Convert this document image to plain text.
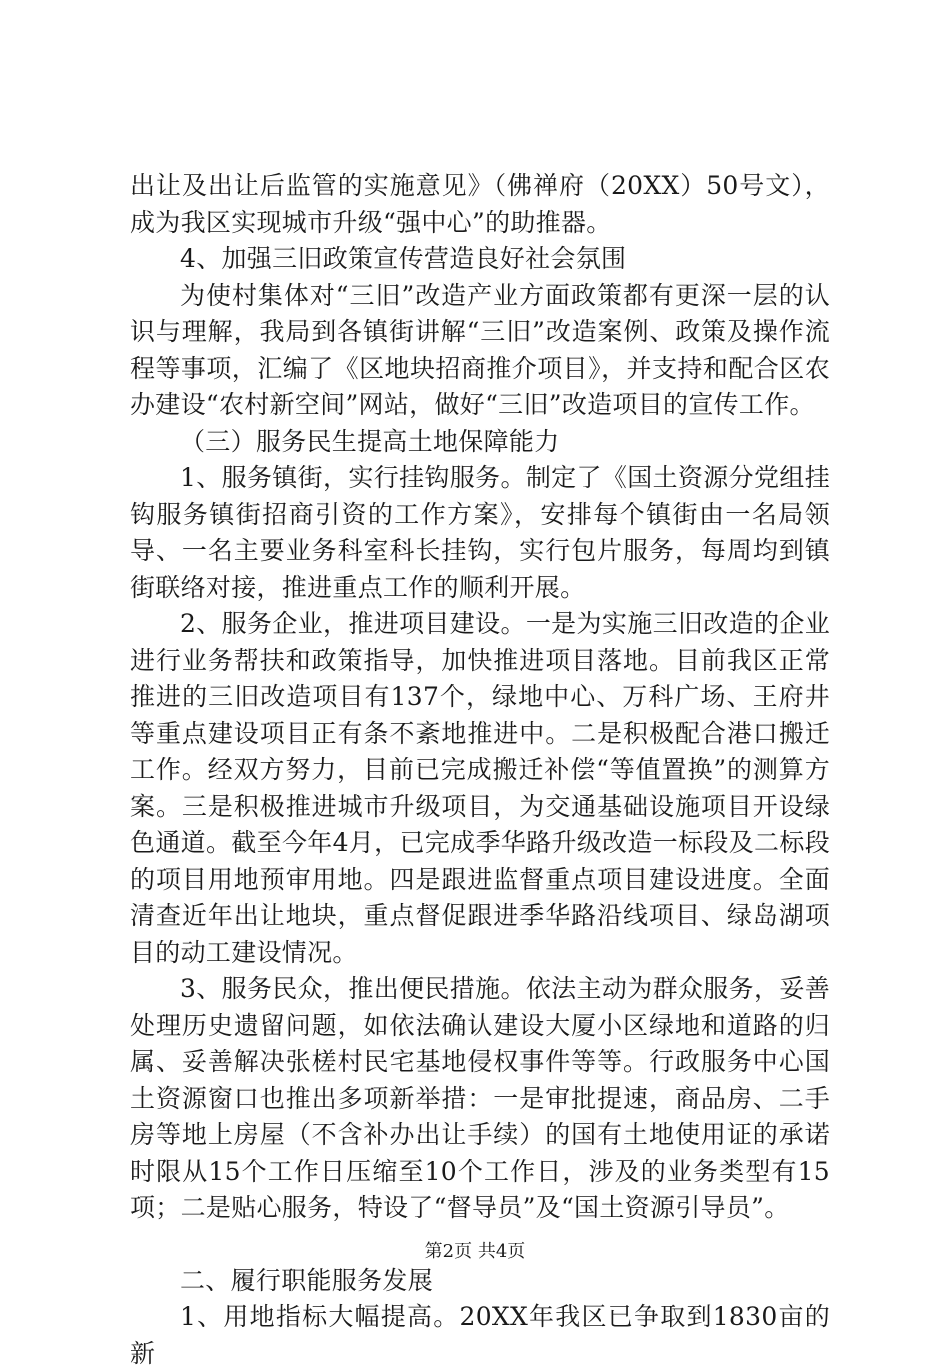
出让及出让后监管的实施意见》（佛禅府（20XX）50号文），成为我区实现城市升级“强中心”的助推器。

4、加强三旧政策宣传营造良好社会氛围

为使村集体对“三旧”改造产业方面政策都有更深一层的认识与理解，我局到各镇街讲解“三旧”改造案例、政策及操作流程等事项，汇编了《区地块招商推介项目》，并支持和配合区农办建设“农村新空间”网站，做好“三旧”改造项目的宣传工作。

（三）服务民生提高土地保障能力

1、服务镇街，实行挂钩服务。制定了《国土资源分党组挂钩服务镇街招商引资的工作方案》，安排每个镇街由一名局领导、一名主要业务科室科长挂钩，实行包片服务，每周均到镇街联络对接，推进重点工作的顺利开展。

2、服务企业，推进项目建设。一是为实施三旧改造的企业进行业务帮扶和政策指导，加快推进项目落地。目前我区正常推进的三旧改造项目有137个，绿地中心、万科广场、王府井等重点建设项目正有条不紊地推进中。二是积极配合港口搬迁工作。经双方努力，目前已完成搬迁补偿“等值置换”的测算方案。三是积极推进城市升级项目，为交通基础设施项目开设绿色通道。截至今年4月，已完成季华路升级改造一标段及二标段的项目用地预审用地。四是跟进监督重点项目建设进度。全面清查近年出让地块，重点督促跟进季华路沿线项目、绿岛湖项目的动工建设情况。

3、服务民众，推出便民措施。依法主动为群众服务，妥善处理历史遗留问题，如依法确认建设大厦小区绿地和道路的归属、妥善解决张槎村民宅基地侵权事件等等。行政服务中心国土资源窗口也推出多项新举措：一是审批提速，商品房、二手房等地上房屋（不含补办出让手续）的国有土地使用证的承诺时限从15个工作日压缩至10个工作日，涉及的业务类型有15项；二是贴心服务，特设了“督导员”及“国土资源引导员”。

二、履行职能服务发展

1、用地指标大幅提高。20XX年我区已争取到1830亩的新

第2页 共4页
